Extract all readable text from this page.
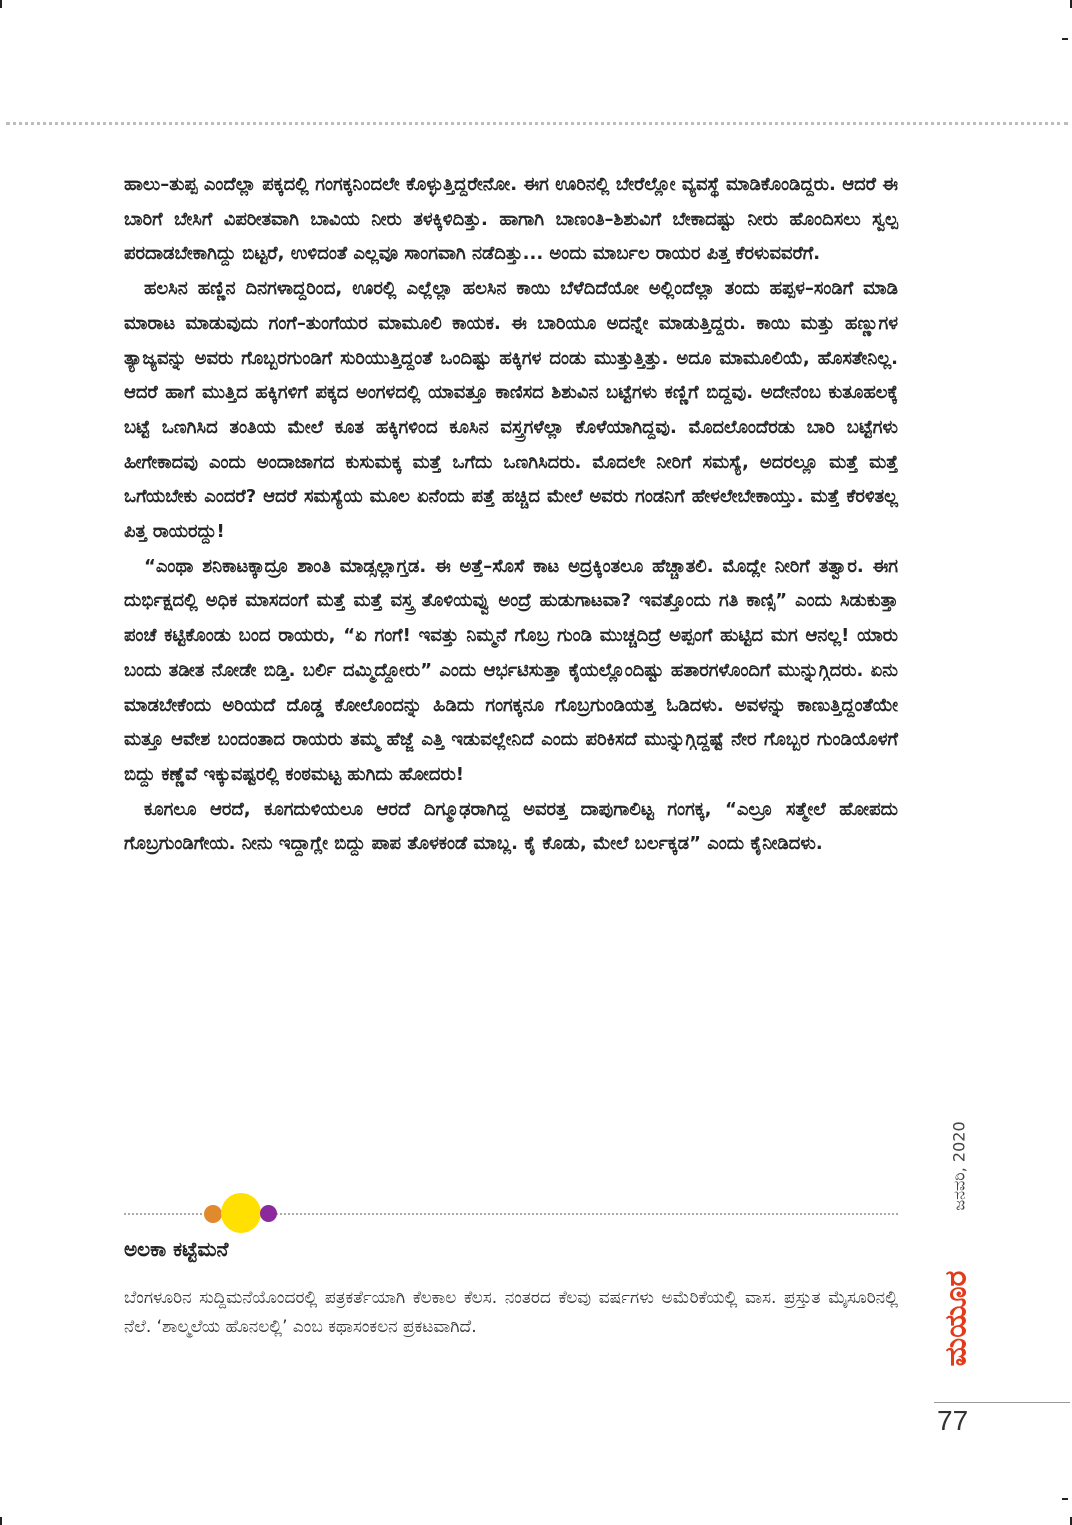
ಹಾಲು–ತುಪ್ಪ ಎಂದೆಲ್ಲಾ ಪಕ್ಕದಲ್ಲಿ ಗಂಗಕ್ಕನಿಂದಲೇ ಕೊಳ್ಳುತ್ತಿದ್ದರೇನೋ. ಈಗ ಊರಿನಲ್ಲಿ ಬೇರೆಲ್ಲೋ ವ್ಯವಸ್ಥೆ ಮಾಡಿಕೊಂಡಿದ್ದರು. ಆದರೆ ಈ ಬಾರಿಗೆ ಬೇಸಿಗೆ ವಿಪರೀತವಾಗಿ ಬಾವಿಯ ನೀರು ತಳಕ್ಕಿಳಿದಿತ್ತು. ಹಾಗಾಗಿ ಬಾಣಂತಿ–ಶಿಶುವಿಗೆ ಬೇಕಾದಷ್ಟು ನೀರು ಹೊಂದಿಸಲು ಸ್ವಲ್ಪ ಪರದಾಡಬೇಕಾಗಿದ್ದು ಬಿಟ್ಟರೆ, ಉಳಿದಂತೆ ಎಲ್ಲವೂ ಸಾಂಗವಾಗಿ ನಡೆದಿತ್ತು... ಅಂದು ಮಾರ್ಬಲ ರಾಯರ ಪಿತ್ತ ಕೆರಳುವವರೆಗೆ.

ಹಲಸಿನ ಹಣ್ಣಿನ ದಿನಗಳಾದ್ದರಿಂದ, ಊರಲ್ಲಿ ಎಲ್ಲೆಲ್ಲಾ ಹಲಸಿನ ಕಾಯಿ ಬೆಳೆದಿದೆಯೋ ಅಲ್ಲಿಂದೆಲ್ಲಾ ತಂದು ಹಪ್ಪಳ–ಸಂಡಿಗೆ ಮಾಡಿ ಮಾರಾಟ ಮಾಡುವುದು ಗಂಗೆ–ತುಂಗೆಯರ ಮಾಮೂಲಿ ಕಾಯಕ. ಈ ಬಾರಿಯೂ ಅದನ್ನೇ ಮಾಡುತ್ತಿದ್ದರು. ಕಾಯಿ ಮತ್ತು ಹಣ್ಣುಗಳ ತ್ಯಾಜ್ಯವನ್ನು ಅವರು ಗೊಬ್ಬರಗುಂಡಿಗೆ ಸುರಿಯುತ್ತಿದ್ದಂತೆ ಒಂದಿಷ್ಟು ಹಕ್ಕಿಗಳ ದಂಡು ಮುತ್ತುತ್ತಿತ್ತು. ಅದೂ ಮಾಮೂಲಿಯೆ, ಹೊಸತೇನಿಲ್ಲ. ಆದರೆ ಹಾಗೆ ಮುತ್ತಿದ ಹಕ್ಕಿಗಳಿಗೆ ಪಕ್ಕದ ಅಂಗಳದಲ್ಲಿ ಯಾವತ್ತೂ ಕಾಣಿಸದ ಶಿಶುವಿನ ಬಟ್ಟೆಗಳು ಕಣ್ಣಿಗೆ ಬಿದ್ದವು. ಅದೇನೆಂಬ ಕುತೂಹಲಕ್ಕೆ ಬಟ್ಟೆ ಒಣಗಿಸಿದ ತಂತಿಯ ಮೇಲೆ ಕೂತ ಹಕ್ಕಿಗಳಿಂದ ಕೂಸಿನ ವಸ್ತ್ರಗಳೆಲ್ಲಾ ಕೊಳೆಯಾಗಿದ್ದವು. ಮೊದಲೊಂದೆರಡು ಬಾರಿ ಬಟ್ಟೆಗಳು ಹೀಗೇಕಾದವು ಎಂದು ಅಂದಾಜಾಗದ ಕುಸುಮಕ್ಕ ಮತ್ತೆ ಒಗೆದು ಒಣಗಿಸಿದರು. ಮೊದಲೇ ನೀರಿಗೆ ಸಮಸ್ಯೆ, ಅದರಲ್ಲೂ ಮತ್ತೆ ಮತ್ತೆ ಒಗೆಯಬೇಕು ಎಂದರೆ? ಆದರೆ ಸಮಸ್ಯೆಯ ಮೂಲ ಏನೆಂದು ಪತ್ತೆ ಹಚ್ಚಿದ ಮೇಲೆ ಅವರು ಗಂಡನಿಗೆ ಹೇಳಲೇಬೇಕಾಯ್ತು. ಮತ್ತೆ ಕೆರಳಿತಲ್ಲ ಪಿತ್ತ ರಾಯರದ್ದು!

“ಎಂಥಾ ಶನಿಕಾಟಕ್ಕಾದ್ರೂ ಶಾಂತಿ ಮಾಡ್ಸಲ್ಲಾಗ್ತಡ. ಈ ಅತ್ತೆ–ಸೊಸೆ ಕಾಟ ಅದ್ರಕ್ಕಿಂತಲೂ ಹೆಚ್ಚಾತಲಿ. ಮೊದ್ಲೇ ನೀರಿಗೆ ತತ್ವಾರ. ಈಗ ದುರ್ಭಿಕ್ಷದಲ್ಲಿ ಅಧಿಕ ಮಾಸದಂಗೆ ಮತ್ತೆ ಮತ್ತೆ ವಸ್ತ್ರ ತೊಳಿಯವ್ವು ಅಂದ್ರೆ ಹುಡುಗಾಟವಾ? ಇವತ್ತೊಂದು ಗತಿ ಕಾಣ್ಸಿ” ಎಂದು ಸಿಡುಕುತ್ತಾ ಪಂಚೆ ಕಟ್ಟಿಕೊಂಡು ಬಂದ ರಾಯರು, “ಏ ಗಂಗೆ! ಇವತ್ತು ನಿಮ್ಮನೆ ಗೊಬ್ರ ಗುಂಡಿ ಮುಚ್ಚದಿದ್ರೆ ಅಪ್ಪಂಗೆ ಹುಟ್ಟಿದ ಮಗ ಆನಲ್ಲ! ಯಾರು ಬಂದು ತಡೀತ ನೋಡೇ ಬಿಡ್ತಿ. ಬರ್ಲಿ ದಮ್ಮಿದ್ದೋರು” ಎಂದು ಆರ್ಭಟಿಸುತ್ತಾ ಕೈಯಲ್ಲೊಂದಿಷ್ಟು ಹತಾರಗಳೊಂದಿಗೆ ಮುನ್ನುಗ್ಗಿದರು. ಏನು ಮಾಡಬೇಕೆಂದು ಅರಿಯದೆ ದೊಡ್ಡ ಕೋಲೊಂದನ್ನು ಹಿಡಿದು ಗಂಗಕ್ಕನೂ ಗೊಬ್ರಗುಂಡಿಯತ್ತ ಓಡಿದಳು. ಅವಳನ್ನು ಕಾಣುತ್ತಿದ್ದಂತೆಯೇ ಮತ್ತೂ ಆವೇಶ ಬಂದಂತಾದ ರಾಯರು ತಮ್ಮ ಹೆಜ್ಜೆ ಎತ್ತಿ ಇಡುವಲ್ಲೇನಿದೆ ಎಂದು ಪರಿಕಿಸದೆ ಮುನ್ನುಗ್ಗಿದ್ದಷ್ಟೆ ನೇರ ಗೊಬ್ಬರ ಗುಂಡಿಯೊಳಗೆ ಬಿದ್ದು ಕಣ್ಣೆವೆ ಇಕ್ಕುವಷ್ಟರಲ್ಲಿ ಕಂಠಮಟ್ಟ ಹುಗಿದು ಹೋದರು!

ಕೂಗಲೂ ಆರದೆ, ಕೂಗದುಳಿಯಲೂ ಆರದೆ ದಿಗ್ಮೂಢರಾಗಿದ್ದ ಅವರತ್ತ ದಾಪುಗಾಲಿಟ್ಟ ಗಂಗಕ್ಕ, “ಎಲ್ರೂ ಸತ್ಮೇಲೆ ಹೋಪದು ಗೊಬ್ರಗುಂಡಿಗೇಯ. ನೀನು ಇದ್ದಾಗ್ಲೇ ಬಿದ್ದು ಪಾಪ ತೊಳಕಂಡೆ ಮಾಬ್ಲ. ಕೈ ಕೊಡು, ಮೇಲೆ ಬರ್ಲಕ್ಕಡ” ಎಂದು ಕೈನೀಡಿದಳು.

ಅಲಕಾ ಕಟ್ಟೆಮನೆ
ಬೆಂಗಳೂರಿನ ಸುದ್ದಿಮನೆಯೊಂದರಲ್ಲಿ ಪತ್ರಕರ್ತೆಯಾಗಿ ಕೆಲಕಾಲ ಕೆಲಸ. ನಂತರದ ಕೆಲವು ವರ್ಷಗಳು ಅಮೆರಿಕೆಯಲ್ಲಿ ವಾಸ. ಪ್ರಸ್ತುತ ಮೈಸೂರಿನಲ್ಲಿ ನೆಲೆ. ‘ಶಾಲ್ಮಲೆಯ ಹೊನಲಲ್ಲಿ’ ಎಂಬ ಕಥಾಸಂಕಲನ ಪ್ರಕಟವಾಗಿದೆ.
ಜನವರಿ, 2020
ಮಯೂರ
77
